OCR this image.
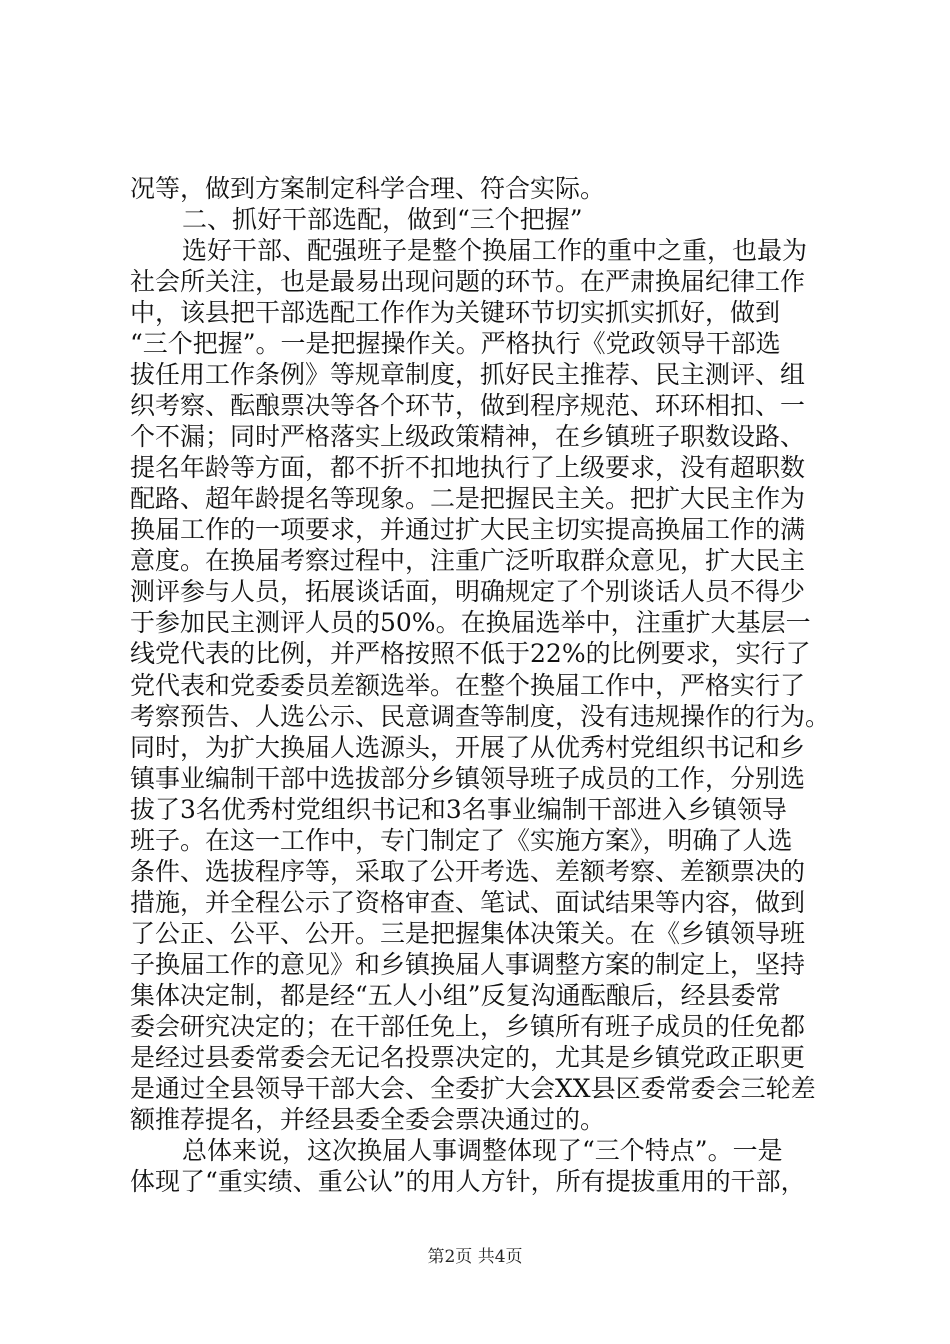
况等，做到方案制定科学合理、符合实际。
二、抓好干部选配，做到“三个把握”
选好干部、配强班子是整个换届工作的重中之重，也最为
社会所关注，也是最易出现问题的环节。在严肃换届纪律工作
中，该县把干部选配工作作为关键环节切实抓实抓好，做到
“三个把握”。一是把握操作关。严格执行《党政领导干部选
拔任用工作条例》等规章制度，抓好民主推荐、民主测评、组
织考察、酝酿票决等各个环节，做到程序规范、环环相扣、一
个不漏；同时严格落实上级政策精神，在乡镇班子职数设路、
提名年龄等方面，都不折不扣地执行了上级要求，没有超职数
配路、超年龄提名等现象。二是把握民主关。把扩大民主作为
换届工作的一项要求，并通过扩大民主切实提高换届工作的满
意度。在换届考察过程中，注重广泛听取群众意见，扩大民主
测评参与人员，拓展谈话面，明确规定了个别谈话人员不得少
于参加民主测评人员的50%。在换届选举中，注重扩大基层一
线党代表的比例，并严格按照不低于22%的比例要求，实行了
党代表和党委委员差额选举。在整个换届工作中，严格实行了
考察预告、人选公示、民意调查等制度，没有违规操作的行为。
同时，为扩大换届人选源头，开展了从优秀村党组织书记和乡
镇事业编制干部中选拔部分乡镇领导班子成员的工作，分别选
拔了3名优秀村党组织书记和3名事业编制干部进入乡镇领导
班子。在这一工作中，专门制定了《实施方案》，明确了人选
条件、选拔程序等，采取了公开考选、差额考察、差额票决的
措施，并全程公示了资格审查、笔试、面试结果等内容，做到
了公正、公平、公开。三是把握集体决策关。在《乡镇领导班
子换届工作的意见》和乡镇换届人事调整方案的制定上，坚持
集体决定制，都是经“五人小组”反复沟通酝酿后，经县委常
委会研究决定的；在干部任免上，乡镇所有班子成员的任免都
是经过县委常委会无记名投票决定的，尤其是乡镇党政正职更
是通过全县领导干部大会、全委扩大会XX县区委常委会三轮差
额推荐提名，并经县委全委会票决通过的。
总体来说，这次换届人事调整体现了“三个特点”。一是
体现了“重实绩、重公认”的用人方针，所有提拔重用的干部，
第2页 共4页
